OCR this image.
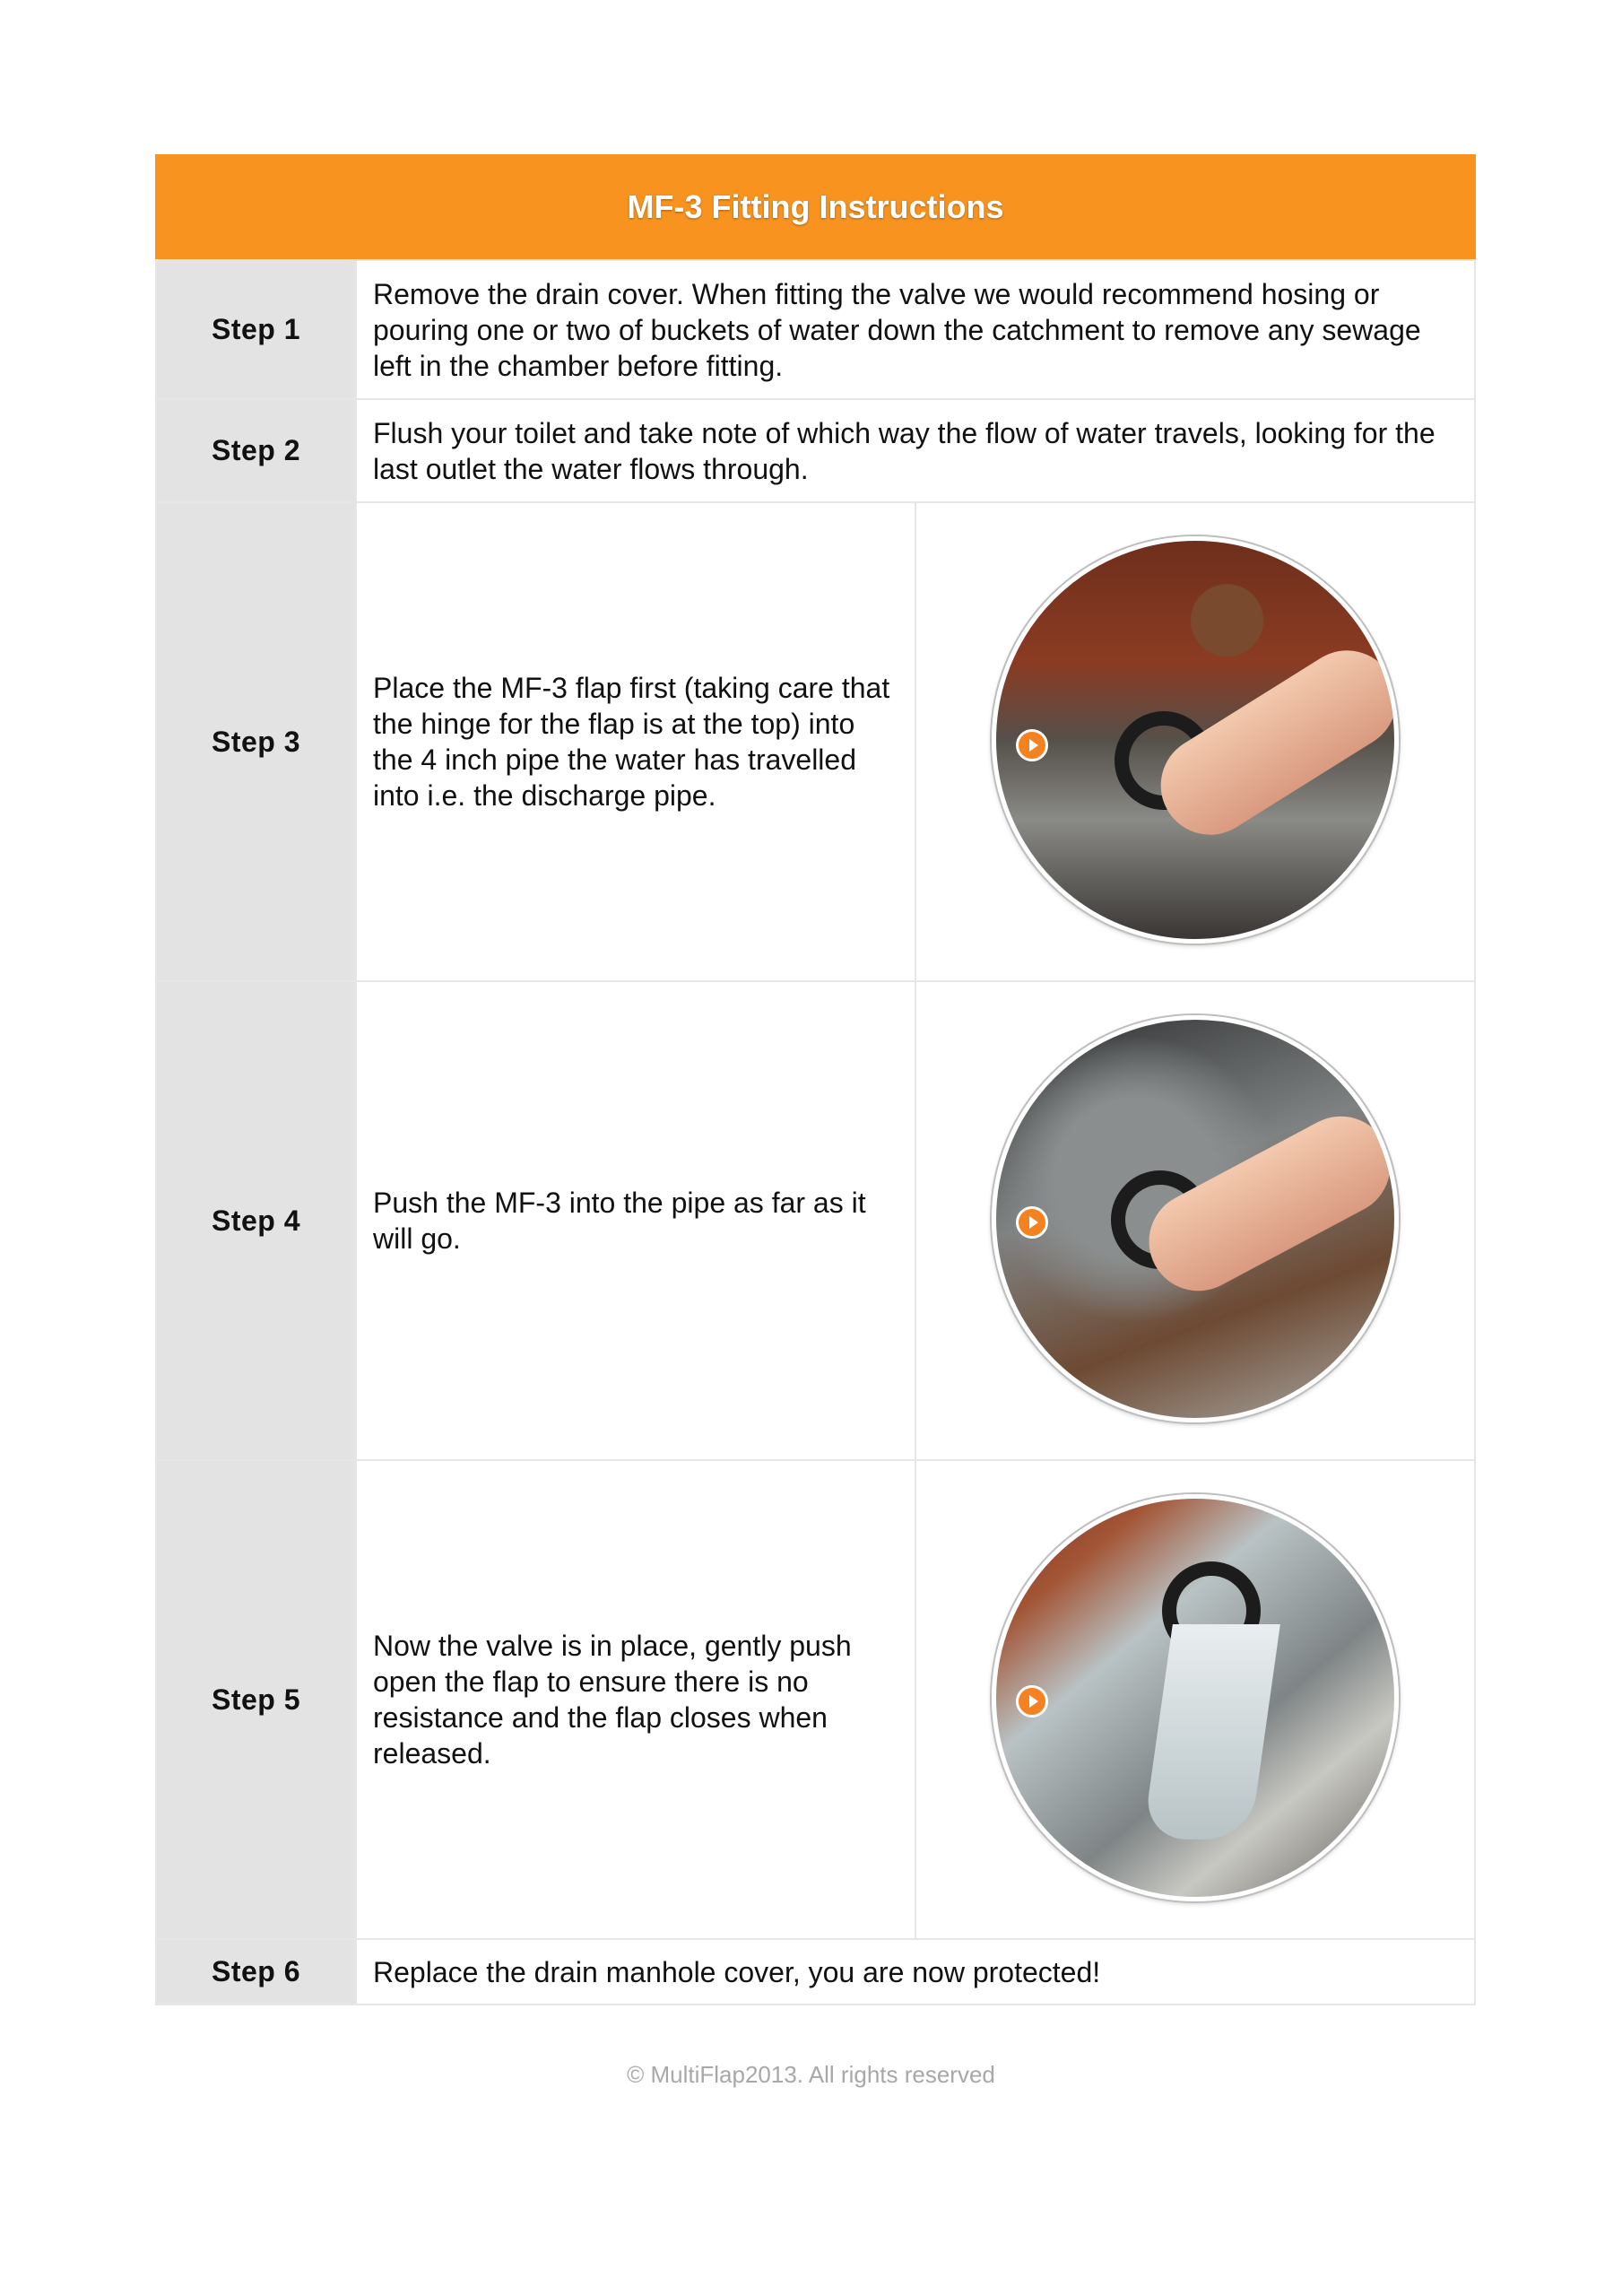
MF-3 Fitting Instructions
Step 1	Remove the drain cover. When fitting the valve we would recommend hosing or pouring one or two of buckets of water down the catchment to remove any sewage left in the chamber before fitting.	
Step 2	Flush your toilet and take note of which way the flow of water travels, looking for the last outlet the water flows through.	
Step 3	Place the MF-3 flap first (taking care that the hinge for the flap is at the top) into the 4 inch pipe the water has travelled into i.e. the discharge pipe.	

Step 4	Push the MF-3 into the pipe as far as it will go.	

Step 5	Now the valve is in place, gently push open the flap to ensure there is no resistance and the flap closes when released.	

Step 6	Replace the drain manhole cover, you are now protected!	
© MultiFlap2013. All rights reserved
